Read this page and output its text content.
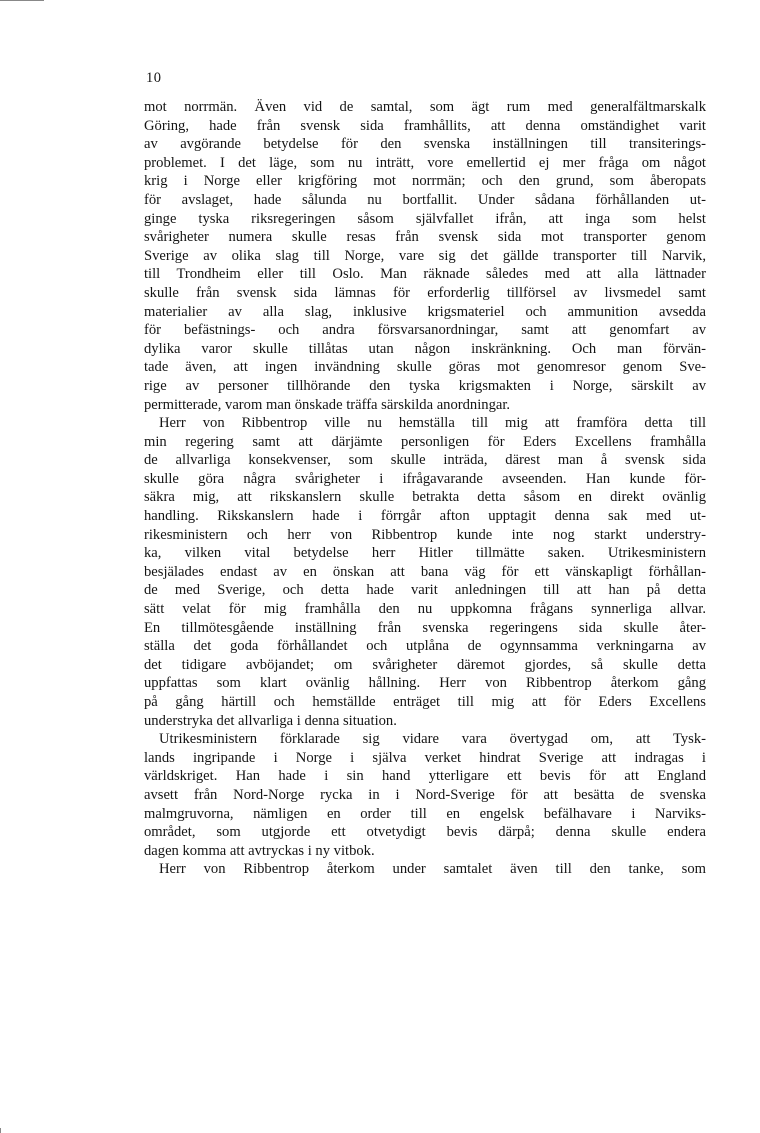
10
mot norrmän. Även vid de samtal, som ägt rum med generalfältmarskalk
Göring, hade från svensk sida framhållits, att denna omständighet varit
av avgörande betydelse för den svenska inställningen till transiterings-
problemet. I det läge, som nu inträtt, vore emellertid ej mer fråga om något
krig i Norge eller krigföring mot norrmän; och den grund, som åberopats
för avslaget, hade sålunda nu bortfallit. Under sådana förhållanden ut-
ginge tyska riksregeringen såsom självfallet ifrån, att inga som helst
svårigheter numera skulle resas från svensk sida mot transporter genom
Sverige av olika slag till Norge, vare sig det gällde transporter till Narvik,
till Trondheim eller till Oslo. Man räknade således med att alla lättnader
skulle från svensk sida lämnas för erforderlig tillförsel av livsmedel samt
materialier av alla slag, inklusive krigsmateriel och ammunition avsedda
för befästnings- och andra försvarsanordningar, samt att genomfart av
dylika varor skulle tillåtas utan någon inskränkning. Och man förvän-
tade även, att ingen invändning skulle göras mot genomresor genom Sve-
rige av personer tillhörande den tyska krigsmakten i Norge, särskilt av
permitterade, varom man önskade träffa särskilda anordningar.
Herr von Ribbentrop ville nu hemställa till mig att framföra detta till
min regering samt att därjämte personligen för Eders Excellens framhålla
de allvarliga konsekvenser, som skulle inträda, därest man å svensk sida
skulle göra några svårigheter i ifrågavarande avseenden. Han kunde för-
säkra mig, att rikskanslern skulle betrakta detta såsom en direkt ovänlig
handling. Rikskanslern hade i förrgår afton upptagit denna sak med ut-
rikesministern och herr von Ribbentrop kunde inte nog starkt understry-
ka, vilken vital betydelse herr Hitler tillmätte saken. Utrikesministern
besjälades endast av en önskan att bana väg för ett vänskapligt förhållan-
de med Sverige, och detta hade varit anledningen till att han på detta
sätt velat för mig framhålla den nu uppkomna frågans synnerliga allvar.
En tillmötesgående inställning från svenska regeringens sida skulle åter-
ställa det goda förhållandet och utplåna de ogynnsamma verkningarna av
det tidigare avböjandet; om svårigheter däremot gjordes, så skulle detta
uppfattas som klart ovänlig hållning. Herr von Ribbentrop återkom gång
på gång härtill och hemställde enträget till mig att för Eders Excellens
understryka det allvarliga i denna situation.
Utrikesministern förklarade sig vidare vara övertygad om, att Tysk-
lands ingripande i Norge i själva verket hindrat Sverige att indragas i
världskriget. Han hade i sin hand ytterligare ett bevis för att England
avsett från Nord-Norge rycka in i Nord-Sverige för att besätta de svenska
malmgruvorna, nämligen en order till en engelsk befälhavare i Narviks-
området, som utgjorde ett otvetydigt bevis därpå; denna skulle endera
dagen komma att avtryckas i ny vitbok.
Herr von Ribbentrop återkom under samtalet även till den tanke, som
